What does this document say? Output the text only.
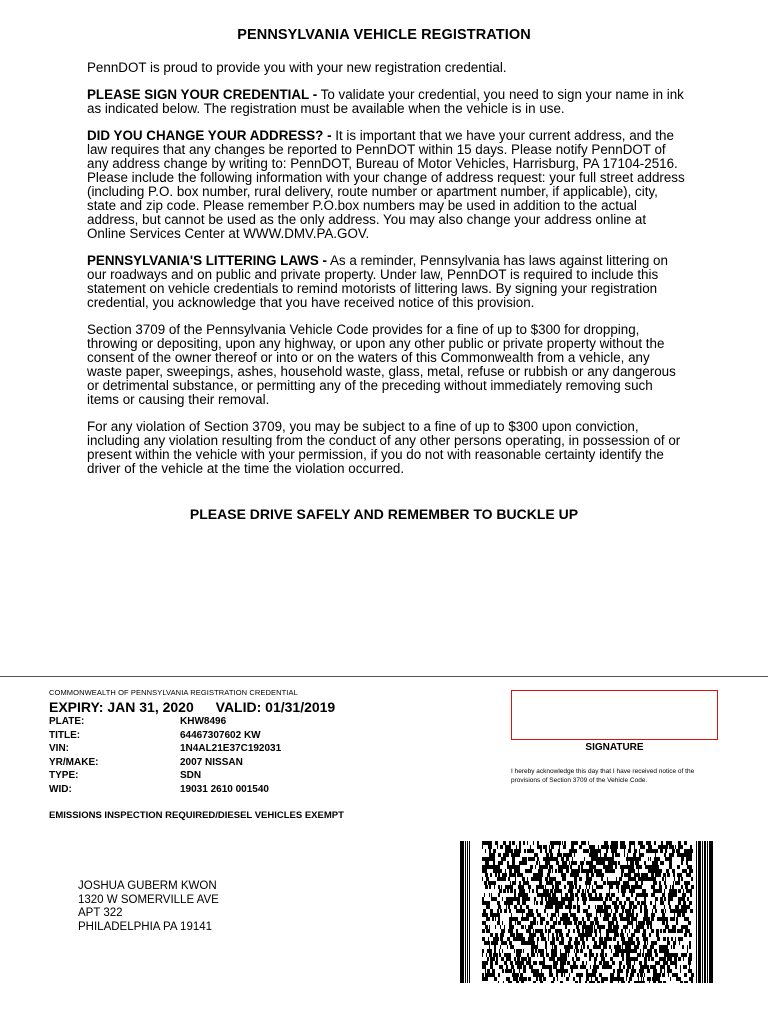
PENNSYLVANIA VEHICLE REGISTRATION

PennDOT is proud to provide you with your new registration credential.

PLEASE SIGN YOUR CREDENTIAL - To validate your credential, you need to sign your name in ink as indicated below. The registration must be available when the vehicle is in use.

DID YOU CHANGE YOUR ADDRESS? - It is important that we have your current address, and the law requires that any changes be reported to PennDOT within 15 days. Please notify PennDOT of any address change by writing to: PennDOT, Bureau of Motor Vehicles, Harrisburg, PA 17104-2516. Please include the following information with your change of address request: your full street address (including P.O. box number, rural delivery, route number or apartment number, if applicable), city, state and zip code. Please remember P.O.box numbers may be used in addition to the actual address, but cannot be used as the only address. You may also change your address online at Online Services Center at WWW.DMV.PA.GOV.

PENNSYLVANIA'S LITTERING LAWS - As a reminder, Pennsylvania has laws against littering on our roadways and on public and private property. Under law, PennDOT is required to include this statement on vehicle credentials to remind motorists of littering laws. By signing your registration credential, you acknowledge that you have received notice of this provision.

Section 3709 of the Pennsylvania Vehicle Code provides for a fine of up to $300 for dropping, throwing or depositing, upon any highway, or upon any other public or private property without the consent of the owner thereof or into or on the waters of this Commonwealth from a vehicle, any waste paper, sweepings, ashes, household waste, glass, metal, refuse or rubbish or any dangerous or detrimental substance, or permitting any of the preceding without immediately removing such items or causing their removal.

For any violation of Section 3709, you may be subject to a fine of up to $300 upon conviction, including any violation resulting from the conduct of any other persons operating, in possession of or present within the vehicle with your permission, if you do not with reasonable certainty identify the driver of the vehicle at the time the violation occurred.

PLEASE DRIVE SAFELY AND REMEMBER TO BUCKLE UP
COMMONWEALTH OF PENNSYLVANIA REGISTRATION CREDENTIAL
EXPIRY: JAN 31, 2020 VALID: 01/31/2019
PLATE:	KHW8496
TITLE:	64467307602 KW
VIN:	1N4AL21E37C192031
YR/MAKE:	2007 NISSAN
TYPE:	SDN
WID:	19031 2610 001540
EMISSIONS INSPECTION REQUIRED/DIESEL VEHICLES EXEMPT
SIGNATURE
I hereby acknowledge this day that I have received notice of the provisions of Section 3709 of the Vehicle Code.
JOSHUA GUBERM KWON
1320 W SOMERVILLE AVE
APT 322
PHILADELPHIA PA 19141
